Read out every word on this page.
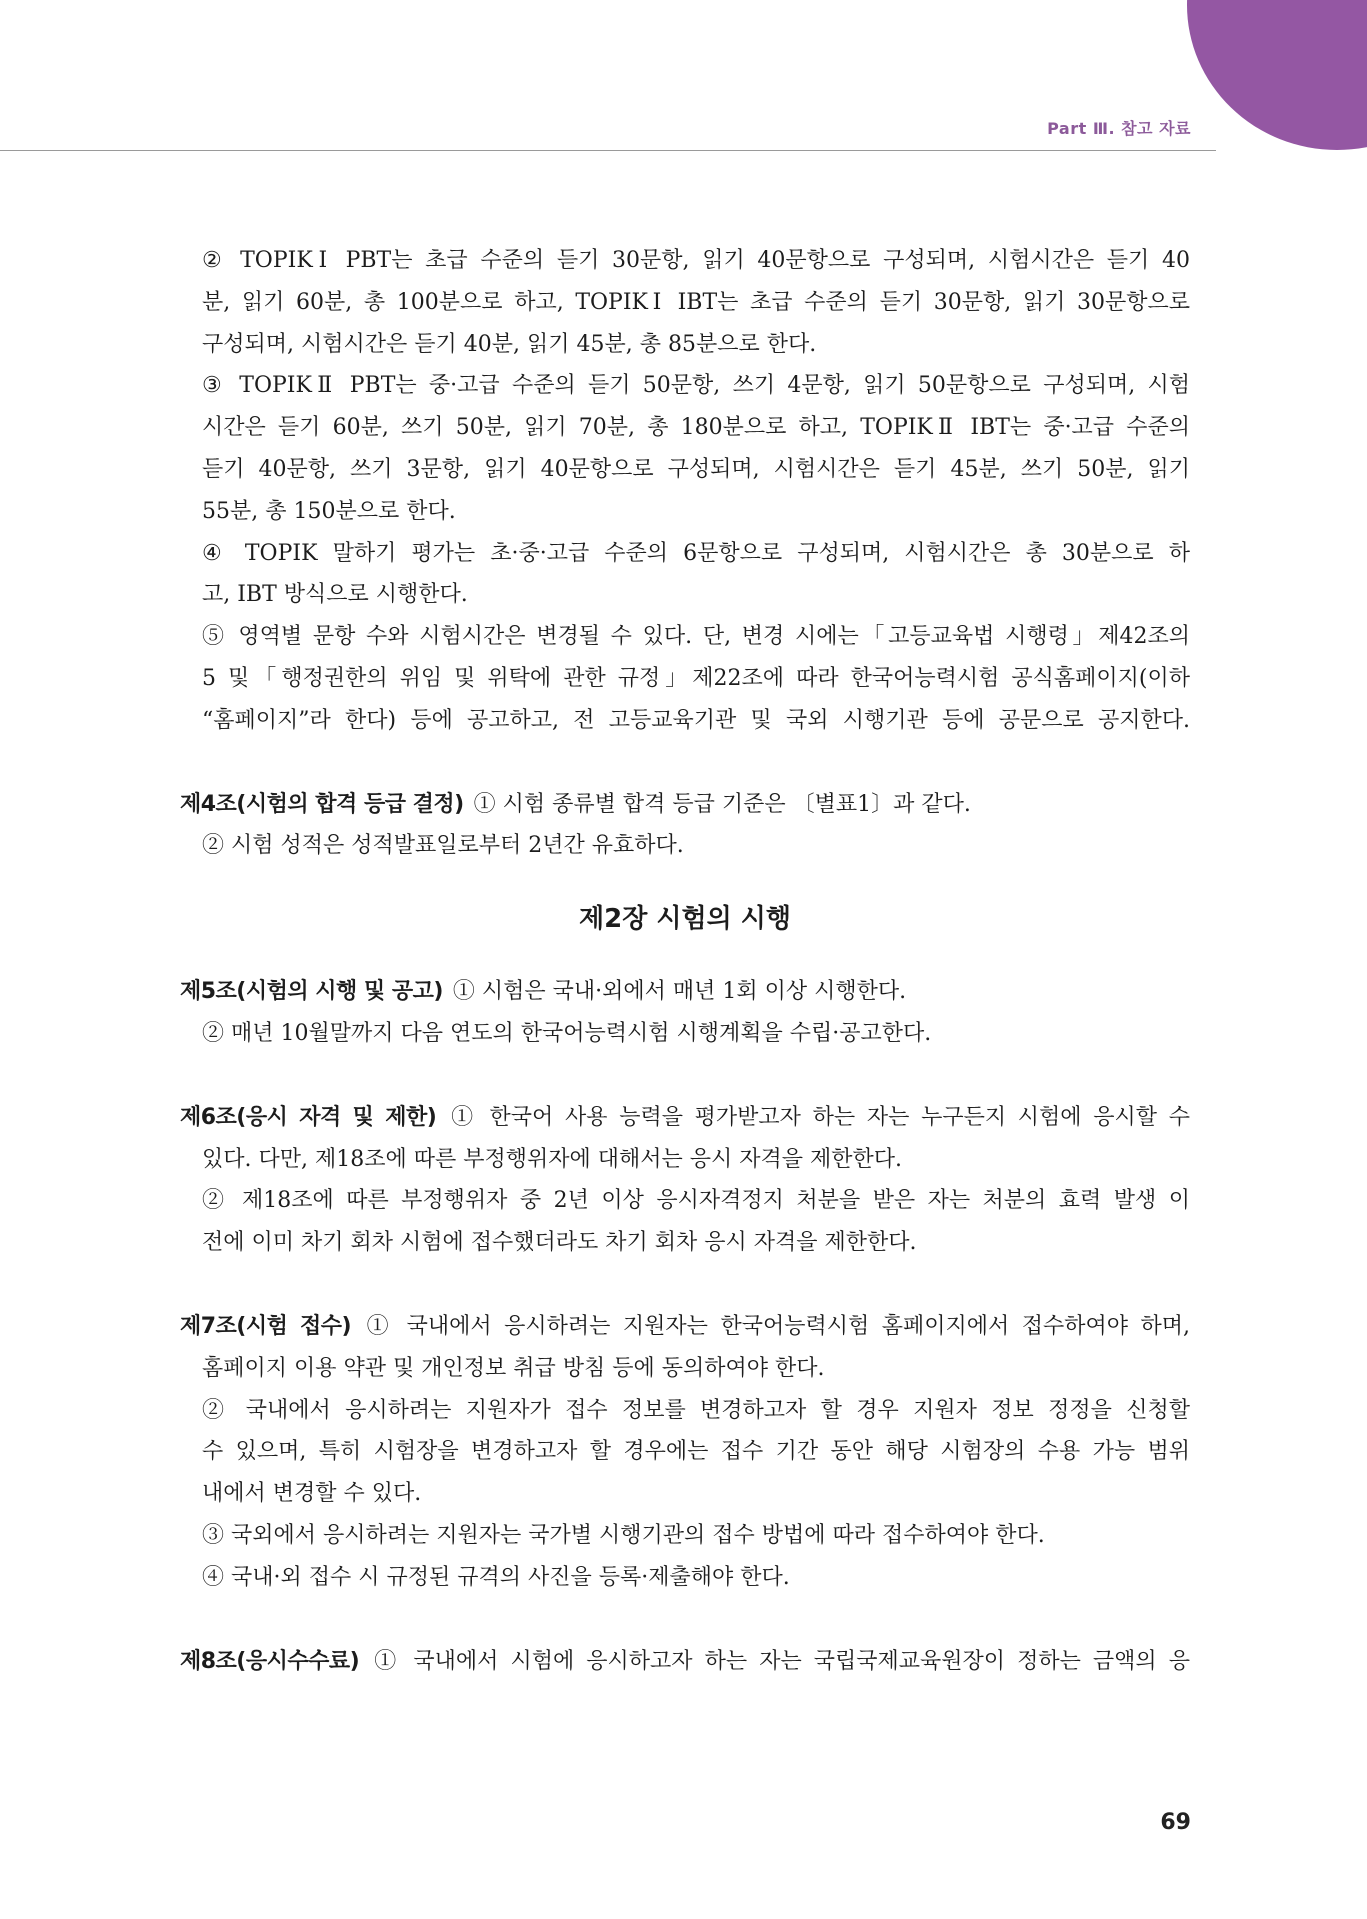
Part Ⅲ. 참고 자료
② TOPIKⅠ PBT는 초급 수준의 듣기 30문항, 읽기 40문항으로 구성되며, 시험시간은 듣기 40
분, 읽기 60분, 총 100분으로 하고, TOPIKⅠ IBT는 초급 수준의 듣기 30문항, 읽기 30문항으로
구성되며, 시험시간은 듣기 40분, 읽기 45분, 총 85분으로 한다.
③ TOPIKⅡ PBT는 중·고급 수준의 듣기 50문항, 쓰기 4문항, 읽기 50문항으로 구성되며, 시험
시간은 듣기 60분, 쓰기 50분, 읽기 70분, 총 180분으로 하고, TOPIKⅡ IBT는 중·고급 수준의
듣기 40문항, 쓰기 3문항, 읽기 40문항으로 구성되며, 시험시간은 듣기 45분, 쓰기 50분, 읽기
55분, 총 150분으로 한다.
④ TOPIK 말하기 평가는 초·중·고급 수준의 6문항으로 구성되며, 시험시간은 총 30분으로 하
고, IBT 방식으로 시행한다.
⑤ 영역별 문항 수와 시험시간은 변경될 수 있다. 단, 변경 시에는「고등교육법 시행령」제42조의
5 및「행정권한의 위임 및 위탁에 관한 규정」제22조에 따라 한국어능력시험 공식홈페이지(이하
“홈페이지”라 한다) 등에 공고하고, 전 고등교육기관 및 국외 시행기관 등에 공문으로 공지한다.
제4조(시험의 합격 등급 결정) ① 시험 종류별 합격 등급 기준은 〔별표1〕과 같다.
② 시험 성적은 성적발표일로부터 2년간 유효하다.
제2장 시험의 시행
제5조(시험의 시행 및 공고) ① 시험은 국내·외에서 매년 1회 이상 시행한다.
② 매년 10월말까지 다음 연도의 한국어능력시험 시행계획을 수립·공고한다.
제6조(응시 자격 및 제한) ① 한국어 사용 능력을 평가받고자 하는 자는 누구든지 시험에 응시할 수
있다. 다만, 제18조에 따른 부정행위자에 대해서는 응시 자격을 제한한다.
② 제18조에 따른 부정행위자 중 2년 이상 응시자격정지 처분을 받은 자는 처분의 효력 발생 이
전에 이미 차기 회차 시험에 접수했더라도 차기 회차 응시 자격을 제한한다.
제7조(시험 접수) ① 국내에서 응시하려는 지원자는 한국어능력시험 홈페이지에서 접수하여야 하며,
홈페이지 이용 약관 및 개인정보 취급 방침 등에 동의하여야 한다.
② 국내에서 응시하려는 지원자가 접수 정보를 변경하고자 할 경우 지원자 정보 정정을 신청할
수 있으며, 특히 시험장을 변경하고자 할 경우에는 접수 기간 동안 해당 시험장의 수용 가능 범위
내에서 변경할 수 있다.
③ 국외에서 응시하려는 지원자는 국가별 시행기관의 접수 방법에 따라 접수하여야 한다.
④ 국내·외 접수 시 규정된 규격의 사진을 등록·제출해야 한다.
제8조(응시수수료) ① 국내에서 시험에 응시하고자 하는 자는 국립국제교육원장이 정하는 금액의 응
69
